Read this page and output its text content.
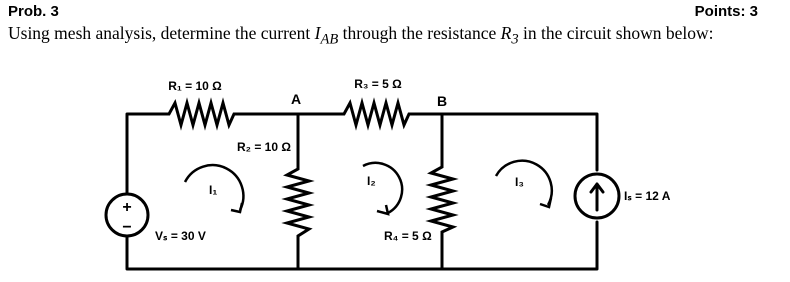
Prob. 3	Points: 3
Using mesh analysis, determine the current $I_{AB}$ through the resistance $R_3$ in the circuit shown below:
+
−
R₁ = 10 Ω	R₃ = 5 Ω
R₂ = 10 Ω
R₄ = 5 Ω
Vₛ = 30 V
Iₛ = 12 A
A	B
I₁
I₂	I₃
